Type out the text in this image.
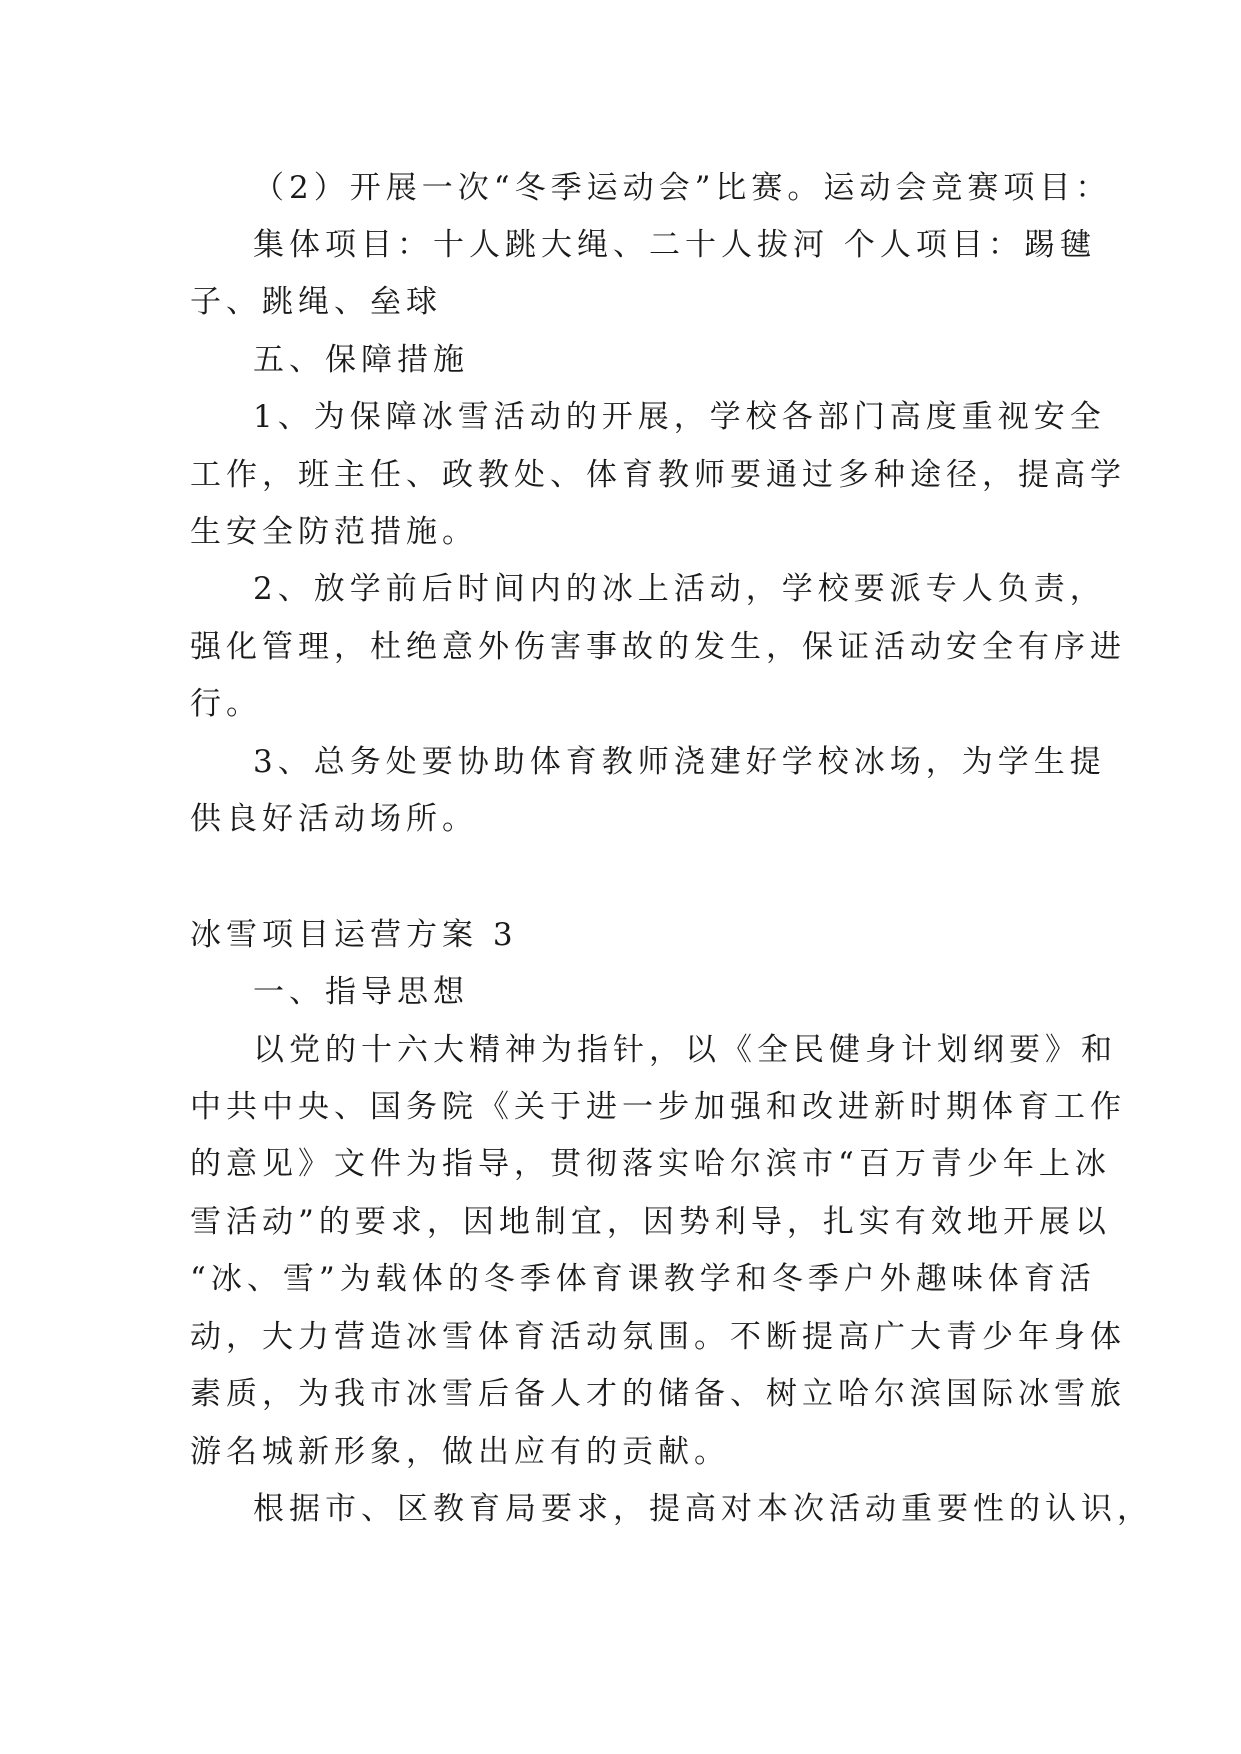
（2）开展一次“冬季运动会”比赛。运动会竞赛项目：
集体项目：十人跳大绳、二十人拔河 个人项目：踢毽
子、跳绳、垒球
五、保障措施
1、为保障冰雪活动的开展，学校各部门高度重视安全
工作，班主任、政教处、体育教师要通过多种途径，提高学
生安全防范措施。
2、放学前后时间内的冰上活动，学校要派专人负责，
强化管理，杜绝意外伤害事故的发生，保证活动安全有序进
行。
3、总务处要协助体育教师浇建好学校冰场，为学生提
供良好活动场所。
冰雪项目运营方案 3
一、指导思想
以党的十六大精神为指针，以《全民健身计划纲要》和
中共中央、国务院《关于进一步加强和改进新时期体育工作
的意见》文件为指导，贯彻落实哈尔滨市“百万青少年上冰
雪活动”的要求，因地制宜，因势利导，扎实有效地开展以
“冰、雪”为载体的冬季体育课教学和冬季户外趣味体育活
动，大力营造冰雪体育活动氛围。不断提高广大青少年身体
素质，为我市冰雪后备人才的储备、树立哈尔滨国际冰雪旅
游名城新形象，做出应有的贡献。
根据市、区教育局要求，提高对本次活动重要性的认识，
